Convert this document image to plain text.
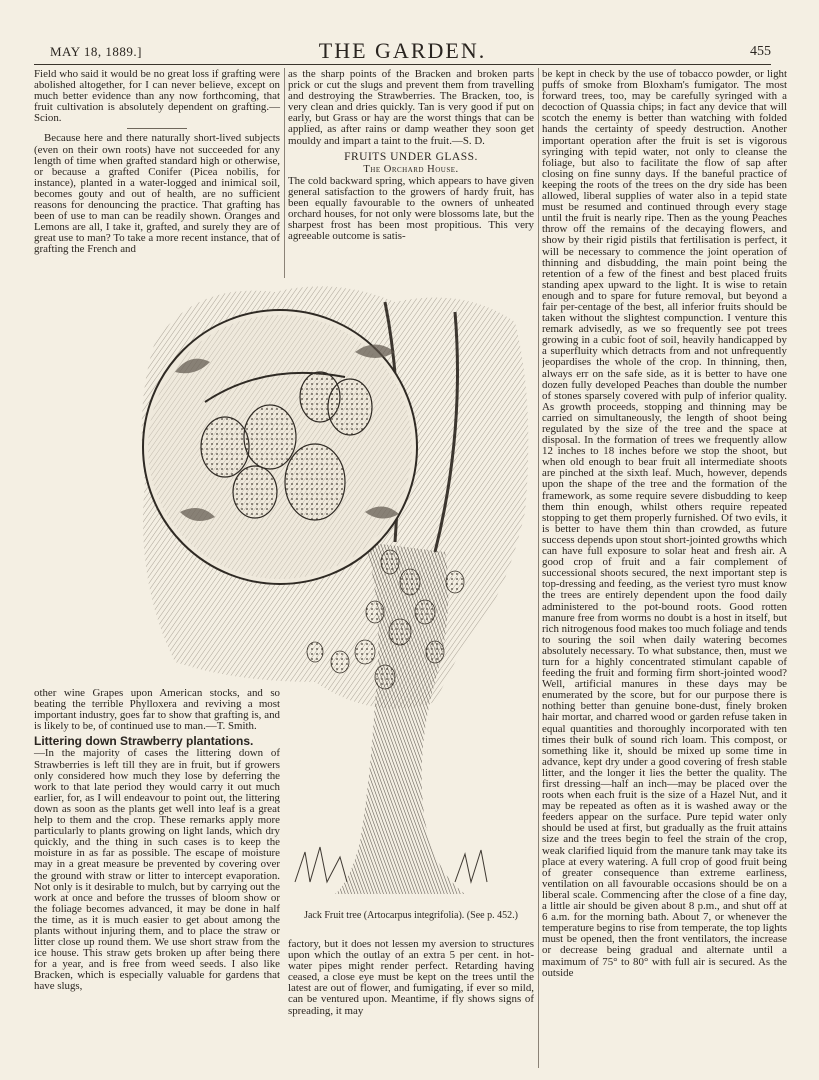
MAY 18, 1889.]	THE GARDEN.	455

Field who said it would be no great loss if grafting were abolished altogether, for I can never believe, except on much better evidence than any now forthcoming, that fruit cultivation is absolutely dependent on grafting.—Scion.

Because here and there naturally short-lived subjects (even on their own roots) have not succeeded for any length of time when grafted standard high or otherwise, or because a grafted Conifer (Picea nobilis, for instance), planted in a water-logged and inimical soil, becomes gouty and out of health, are no sufficient reasons for denouncing the practice. That grafting has been of use to man can be readily shown. Oranges and Lemons are all, I take it, grafted, and surely they are of great use to man? To take a more recent instance, that of grafting the French and

as the sharp points of the Bracken and broken parts prick or cut the slugs and prevent them from travelling and destroying the Strawberries. The Bracken, too, is very clean and dries quickly. Tan is very good if put on early, but Grass or hay are the worst things that can be applied, as after rains or damp weather they soon get mouldy and impart a taint to the fruit.—S. D.

FRUITS UNDER GLASS.
The Orchard House.

The cold backward spring, which appears to have given general satisfaction to the growers of hardy fruit, has been equally favourable to the owners of unheated orchard houses, for not only were blossoms late, but the sharpest frost has been most propitious. This very agreeable outcome is satis-

Jack Fruit tree (Artocarpus integrifolia). (See p. 452.)

other wine Grapes upon American stocks, and so beating the terrible Phylloxera and reviving a most important industry, goes far to show that grafting is, and is likely to be, of continued use to man.—T. Smith.

Littering down Strawberry plantations.

—In the majority of cases the littering down of Strawberries is left till they are in fruit, but if growers only considered how much they lose by deferring the work to that late period they would carry it out much earlier, for, as I will endeavour to point out, the littering down as soon as the plants get well into leaf is a great help to them and the crop. These remarks apply more particularly to plants growing on light lands, which dry quickly, and the thing in such cases is to keep the moisture in as far as possible. The escape of moisture may in a great measure be prevented by covering over the ground with straw or litter to intercept evaporation. Not only is it desirable to mulch, but by carrying out the work at once and before the trusses of bloom show or the foliage becomes advanced, it may be done in half the time, as it is much easier to get about among the plants without injuring them, and to place the straw or litter close up round them. We use short straw from the ice house. This straw gets broken up after being there for a year, and is free from weed seeds. I also like Bracken, which is especially valuable for gardens that have slugs,

factory, but it does not lessen my aversion to structures upon which the outlay of an extra 5 per cent. in hot-water pipes might render perfect. Retarding having ceased, a close eye must be kept on the trees until the latest are out of flower, and fumigating, if ever so mild, can be ventured upon. Meantime, if fly shows signs of spreading, it may

be kept in check by the use of tobacco powder, or light puffs of smoke from Bloxham's fumigator. The most forward trees, too, may be carefully syringed with a decoction of Quassia chips; in fact any device that will scotch the enemy is better than watching with folded hands the certainty of speedy destruction. Another important operation after the fruit is set is vigorous syringing with tepid water, not only to cleanse the foliage, but also to facilitate the flow of sap after closing on fine sunny days. If the baneful practice of keeping the roots of the trees on the dry side has been allowed, liberal supplies of water also in a tepid state must be resumed and continued through every stage until the fruit is nearly ripe. Then as the young Peaches throw off the remains of the decaying flowers, and show by their rigid pistils that fertilisation is perfect, it will be necessary to commence the joint operation of thinning and disbudding, the main point being the retention of a few of the finest and best placed fruits standing apex upward to the light. It is wise to retain enough and to spare for future removal, but beyond a fair per-centage of the best, all inferior fruits should be taken without the slightest compunction. I venture this remark advisedly, as we so frequently see pot trees growing in a cubic foot of soil, heavily handicapped by a superfluity which detracts from and not unfrequently jeopardises the whole of the crop. In thinning, then, always err on the safe side, as it is better to have one dozen fully developed Peaches than double the number of stones sparsely covered with pulp of inferior quality. As growth proceeds, stopping and thinning may be carried on simultaneously, the length of shoot being regulated by the size of the tree and the space at disposal. In the formation of trees we frequently allow 12 inches to 18 inches before we stop the shoot, but when old enough to bear fruit all intermediate shoots are pinched at the sixth leaf. Much, however, depends upon the shape of the tree and the formation of the framework, as some require severe disbudding to keep them thin enough, whilst others require repeated stopping to get them properly furnished. Of two evils, it is better to have them thin than crowded, as future success depends upon stout short-jointed growths which can have full exposure to solar heat and fresh air. A good crop of fruit and a fair complement of successional shoots secured, the next important step is top-dressing and feeding, as the veriest tyro must know the trees are entirely dependent upon the food daily administered to the pot-bound roots. Good rotten manure free from worms no doubt is a host in itself, but rich nitrogenous food makes too much foliage and tends to souring the soil when daily watering becomes absolutely necessary. To what substance, then, must we turn for a highly concentrated stimulant capable of feeding the fruit and forming firm short-jointed wood? Well, artificial manures in these days may be enumerated by the score, but for our purpose there is nothing better than genuine bone-dust, finely broken hair mortar, and charred wood or garden refuse taken in equal quantities and thoroughly incorporated with ten times their bulk of sound rich loam. This compost, or something like it, should be mixed up some time in advance, kept dry under a good covering of fresh stable litter, and the longer it lies the better the quality. The first dressing—half an inch—may be placed over the roots when each fruit is the size of a Hazel Nut, and it may be repeated as often as it is washed away or the feeders appear on the surface. Pure tepid water only should be used at first, but gradually as the fruit attains size and the trees begin to feel the strain of the crop, weak clarified liquid from the manure tank may take its place at every watering. A full crop of good fruit being of greater consequence than extreme earliness, ventilation on all favourable occasions should be on a liberal scale. Commencing after the close of a fine day, a little air should be given about 8 p.m., and shut off at 6 a.m. for the morning bath. About 7, or whenever the temperature begins to rise from temperate, the top lights must be opened, then the front ventilators, the increase or decrease being gradual and alternate until a maximum of 75° to 80° with full air is secured. As the outside
